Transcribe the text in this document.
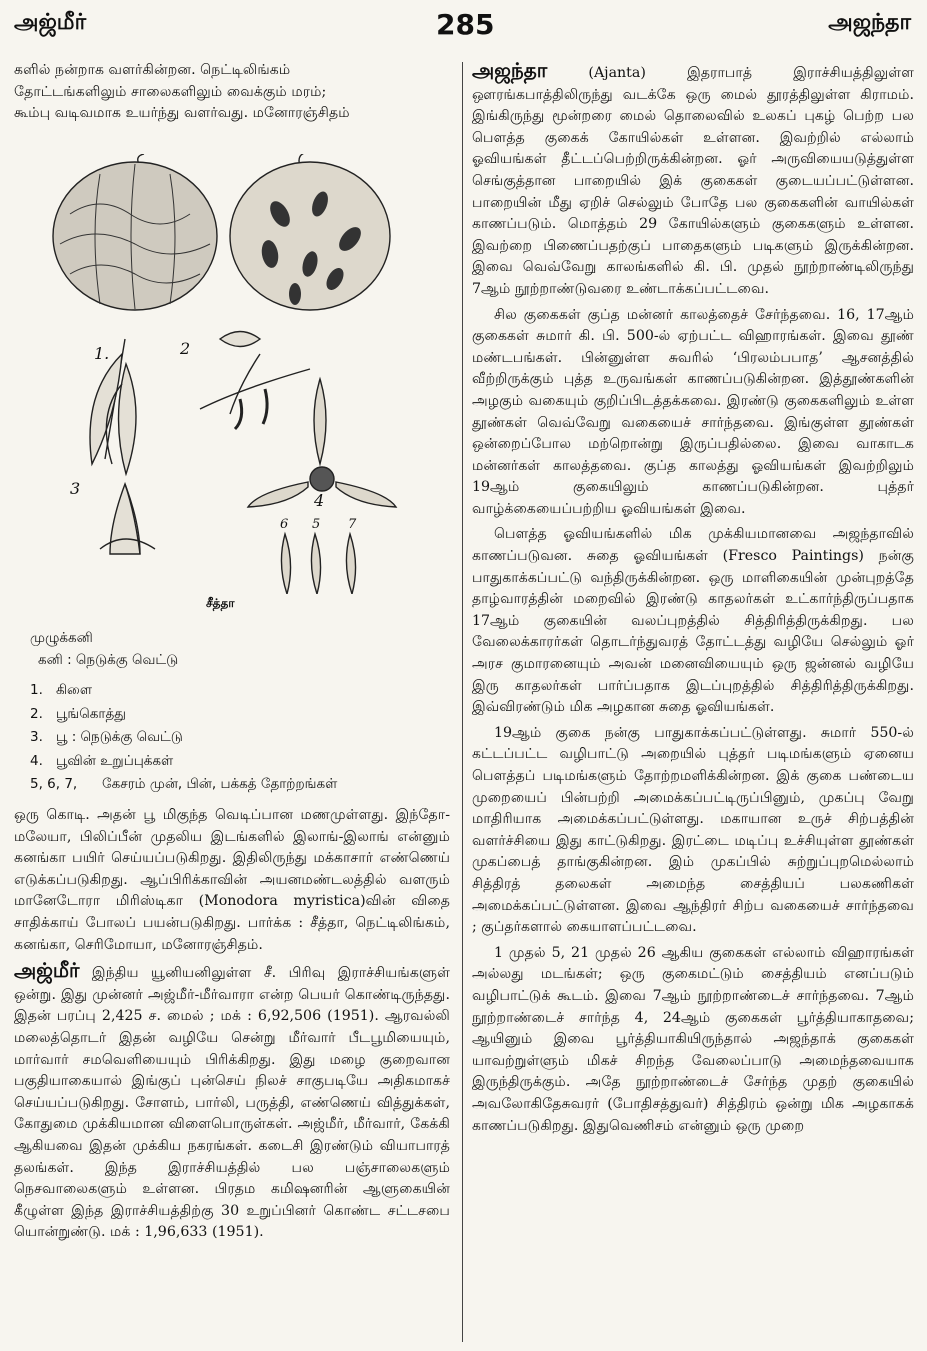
அஜ்மீர்	285	அஜந்தா

களில் நன்றாக வளர்கின்றன. நெட்டிலிங்கம்

தோட்டங்களிலும் சாலைகளிலும் வைக்கும் மரம்;

கூம்பு வடிவமாக உயர்ந்து வளர்வது. மனோரஞ்சிதம்

1.	2
3
4
6 5 7
சீத்தா
முழுக்கனி
கனி : நெடுக்கு வெட்டு
1. கிளை
2. பூங்கொத்து
3. பூ : நெடுக்கு வெட்டு
4. பூவின் உறுப்புக்கள்
5, 6, 7,	கேசரம் முன், பின், பக்கத் தோற்றங்கள்

ஒரு கொடி. அதன் பூ மிகுந்த வெடிப்பான மணமுள்ளது. இந்தோ-மலேயா, பிலிப்பீன் முதலிய இடங்களில் இலாங்-இலாங் என்னும் கனங்கா பயிர் செய்யப்படுகிறது. இதிலிருந்து மக்காசார் எண்ணெய் எடுக்கப்படுகிறது. ஆப்பிரிக்காவின் அயனமண்டலத்தில் வளரும் மானேடோரா மிரிஸ்டிகா (Monodora myristica)வின் விதை சாதிக்காய் போலப் பயன்படுகிறது. பார்க்க : சீத்தா, நெட்டிலிங்கம், கனங்கா, செரிமோயா, மனோரஞ்சிதம்.

அஜ்மீர் இந்திய யூனியனிலுள்ள சீ. பிரிவு இராச்சியங்களுள் ஒன்று. இது முன்னர் அஜ்மீர்-மீர்வாரா என்ற பெயர் கொண்டிருந்தது. இதன் பரப்பு 2,425 ச. மைல் ; மக் : 6,92,506 (1951). ஆரவல்லி மலைத்தொடர் இதன் வழியே சென்று மீர்வார் பீடபூமியையும், மார்வார் சமவெளியையும் பிரிக்கிறது. இது மழை குறைவான பகுதியாகையால் இங்குப் புன்செய் நிலச் சாகுபடியே அதிகமாகச் செய்யப்படுகிறது. சோளம், பார்லி, பருத்தி, எண்ணெய் வித்துக்கள், கோதுமை முக்கியமான விளைபொருள்கள். அஜ்மீர், மீர்வார், கேக்கி ஆகியவை இதன் முக்கிய நகரங்கள். கடைசி இரண்டும் வியாபாரத் தலங்கள். இந்த இராச்சியத்தில் பல பஞ்சாலைகளும் நெசவாலைகளும் உள்ளன. பிரதம கமிஷனரின் ஆளுகையின் கீழுள்ள இந்த இராச்சியத்திற்கு 30 உறுப்பினர் கொண்ட சட்டசபை யொன்றுண்டு. மக் : 1,96,633 (1951).

அஜந்தா	(Ajanta)	இதராபாத் இராச்சியத்திலுள்ள ஔரங்கபாத்திலிருந்து வடக்கே ஒரு மைல் தூரத்திலுள்ள கிராமம். இங்கிருந்து மூன்றரை மைல் தொலைவில் உலகப் புகழ் பெற்ற பல பௌத்த குகைக் கோயில்கள் உள்ளன. இவற்றில் எல்லாம் ஓவியங்கள் தீட்டப்பெற்றிருக்கின்றன. ஓர் அருவியையடுத்துள்ள செங்குத்தான பாறையில் இக் குகைகள் குடையப்பட்டுள்ளன. பாறையின் மீது ஏறிச் செல்லும் போதே பல குகைகளின் வாயில்கள் காணப்படும். மொத்தம் 29 கோயில்களும் குகைகளும் உள்ளன. இவற்றை பிணைப்பதற்குப் பாதைகளும் படிகளும் இருக்கின்றன. இவை வெவ்வேறு காலங்களில் கி. பி. முதல் நூற்றாண்டிலிருந்து 7ஆம் நூற்றாண்டுவரை உண்டாக்கப்பட்டவை.

சில குகைகள் குப்த மன்னர் காலத்தைச் சேர்ந்தவை. 16, 17ஆம் குகைகள் சுமார் கி. பி. 500-ல் ஏற்பட்ட விஹாரங்கள். இவை தூண் மண்டபங்கள். பின்னுள்ள சுவரில் ‘பிரலம்பபாத’ ஆசனத்தில் வீற்றிருக்கும் புத்த உருவங்கள் காணப்படுகின்றன. இத்தூண்களின் அழகும் வகையும் குறிப்பிடத்தக்கவை. இரண்டு குகைகளிலும் உள்ள தூண்கள் வெவ்வேறு வகையைச் சார்ந்தவை. இங்குள்ள தூண்கள் ஒன்றைப்போல மற்றொன்று இருப்பதில்லை. இவை வாகாடக மன்னர்கள் காலத்தவை. குப்த காலத்து ஓவியங்கள் இவற்றிலும் 19ஆம் குகையிலும் காணப்படுகின்றன. புத்தர் வாழ்க்கையைப்பற்றிய ஓவியங்கள் இவை.

பௌத்த ஓவியங்களில் மிக முக்கியமானவை அஜந்தாவில் காணப்படுவன. சுதை ஓவியங்கள் (Fresco Paintings) நன்கு பாதுகாக்கப்பட்டு வந்திருக்கின்றன. ஒரு மாளிகையின் முன்புறத்தே தாழ்வாரத்தின் மறைவில் இரண்டு காதலர்கள் உட்கார்ந்திருப்பதாக 17ஆம் குகையின் வலப்புறத்தில் சித்திரித்திருக்கிறது. பல வேலைக்காரர்கள் தொடர்ந்துவரத் தோட்டத்து வழியே செல்லும் ஓர் அரச குமாரனையும் அவன் மனைவியையும் ஒரு ஜன்னல் வழியே இரு காதலர்கள் பார்ப்பதாக இடப்புறத்தில் சித்திரித்திருக்கிறது. இவ்விரண்டும் மிக அழகான சுதை ஓவியங்கள்.

19ஆம் குகை நன்கு பாதுகாக்கப்பட்டுள்ளது. சுமார் 550-ல் கட்டப்பட்ட வழிபாட்டு அறையில் புத்தர் படிமங்களும் ஏனைய பௌத்தப் படிமங்களும் தோற்றமளிக்கின்றன. இக் குகை பண்டைய முறையைப் பின்பற்றி அமைக்கப்பட்டிருப்பினும், முகப்பு வேறு மாதிரியாக அமைக்கப்பட்டுள்ளது. மகாயான உருச் சிற்பத்தின் வளர்ச்சியை இது காட்டுகிறது. இரட்டை மடிப்பு உச்சியுள்ள தூண்கள் முகப்பைத் தாங்குகின்றன. இம் முகப்பில் சுற்றுப்புறமெல்லாம் சித்திரத் தலைகள் அமைந்த சைத்தியப் பலகணிகள் அமைக்கப்பட்டுள்ளன. இவை ஆந்திரர் சிற்ப வகையைச் சார்ந்தவை ; குப்தர்களால் கையாளப்பட்டவை.

1 முதல் 5, 21 முதல் 26 ஆகிய குகைகள் எல்லாம் விஹாரங்கள் அல்லது மடங்கள்; ஒரு குகைமட்டும் சைத்தியம் எனப்படும் வழிபாட்டுக் கூடம். இவை 7ஆம் நூற்றாண்டைச் சார்ந்தவை. 7ஆம் நூற்றாண்டைச் சார்ந்த 4, 24ஆம் குகைகள் பூர்த்தியாகாதவை; ஆயினும் இவை பூர்த்தியாகியிருந்தால் அஜந்தாக் குகைகள் யாவற்றுள்ளும் மிகச் சிறந்த வேலைப்பாடு அமைந்தவையாக இருந்திருக்கும். அதே நூற்றாண்டைச் சேர்ந்த முதற் குகையில் அவலோகிதேசுவரர் (போதிசத்துவர்) சித்திரம் ஒன்று மிக அழகாகக் காணப்படுகிறது. இதுவெணிசம் என்னும் ஒரு முறை
